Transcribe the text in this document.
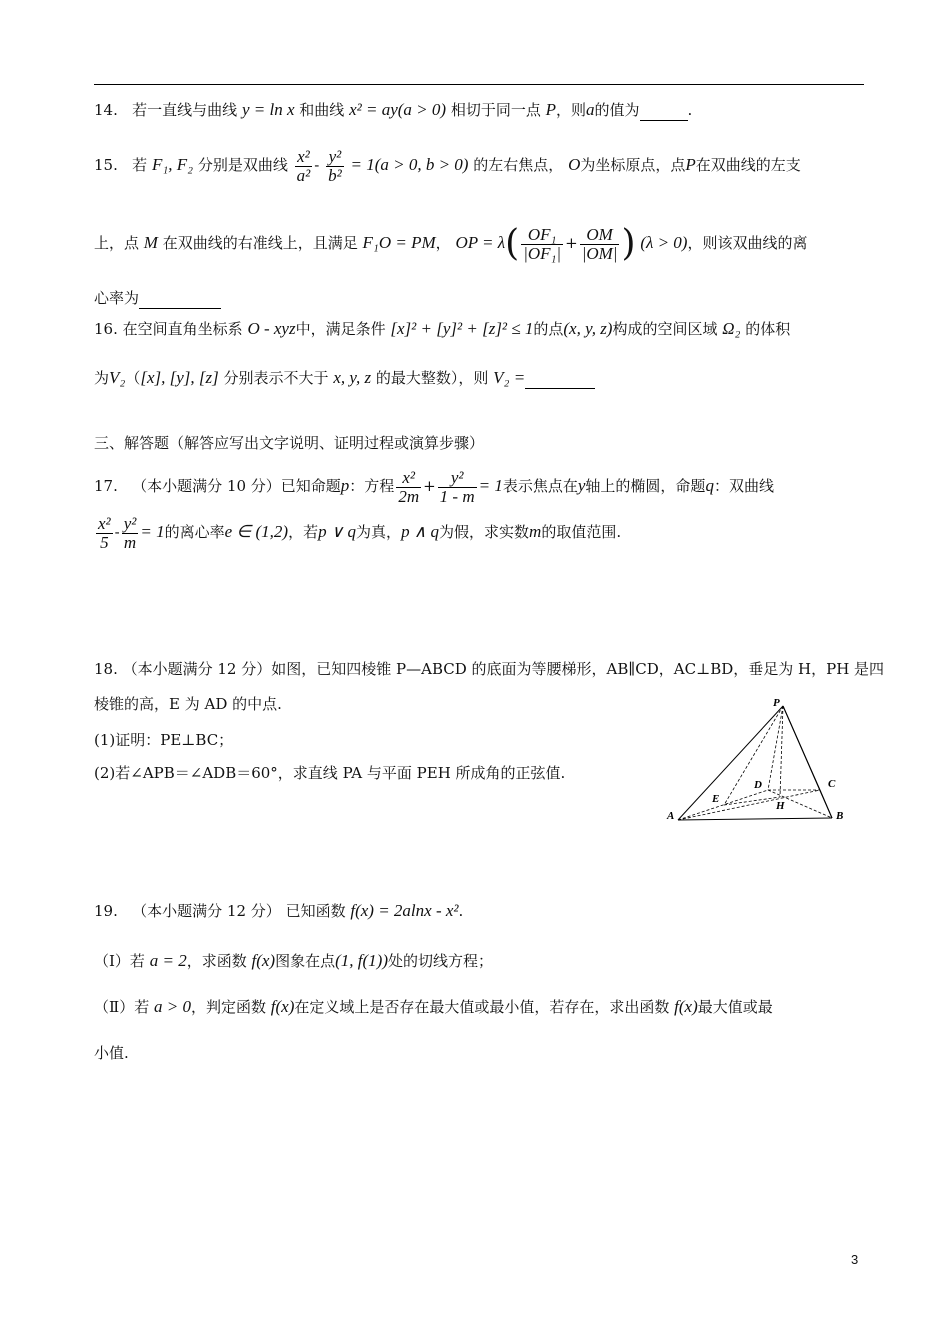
14. 若一直线与曲线 y = ln x 和曲线 x² = ay(a > 0) 相切于同一点 P，则a的值为	.
15. 若 F₁, F₂ 分别是双曲线 $\frac{\text{x²}}{\text{a²}} - \frac{\text{y²}}{\text{b²}} = 1(a > 0$, b > 0) 的左右焦点， O为坐标原点，点P在双曲线的左支
上，点 M 在双曲线的右准线上，且满足 F₁O = PM， OP = $\lambda( \frac{\text{OF₁}}{\text{|OF₁|}} + \frac{OM}{|OM|}$ ) (λ > 0)，则该双曲线的离
心率为
16. 在空间直角坐标系 O - xyz中，满足条件 [x]² + [y]² + [z]² ≤ 1的点(x, y, z)构成的空间区域 Ω₂ 的体积
为V₂（[x], [y], [z] 分别表示不大于 x, y, z 的最大整数），则 V₂ =
三、解答题（解答应写出文字说明、证明过程或演算步骤）
17. （本小题满分 10 分）已知命题p：方程 $\frac{\text{x²}}{2m} + \frac{\text{y²}}{1 - m} = 1$表示焦点在y轴上的椭圆，命题q：双曲线
$\frac{\text{x²}}{5} - \frac{\text{y²}}{m} = 1$的离心率e ∈ (1,2)，若p ∨ q为真，p ∧ q为假，求实数m的取值范围.
18. （本小题满分 12 分）如图，已知四棱锥 P—ABCD 的底面为等腰梯形，AB∥CD，AC⊥BD，垂足为 H，PH 是四
棱锥的高，E 为 AD 的中点.
(1)证明：PE⊥BC；
(2)若∠APB＝∠ADB＝60°，求直线 PA 与平面 PEH 所成角的正弦值.
P
A	B
C
D
E
H
19. （本小题满分 12 分） 已知函数 f(x) = 2alnx - x².
（Ⅰ）若 a = 2，求函数 f(x)图象在点(1, f(1))处的切线方程；
（Ⅱ）若 a > 0，判定函数 f(x)在定义域上是否存在最大值或最小值，若存在，求出函数 f(x)最大值或最
小值.
3
